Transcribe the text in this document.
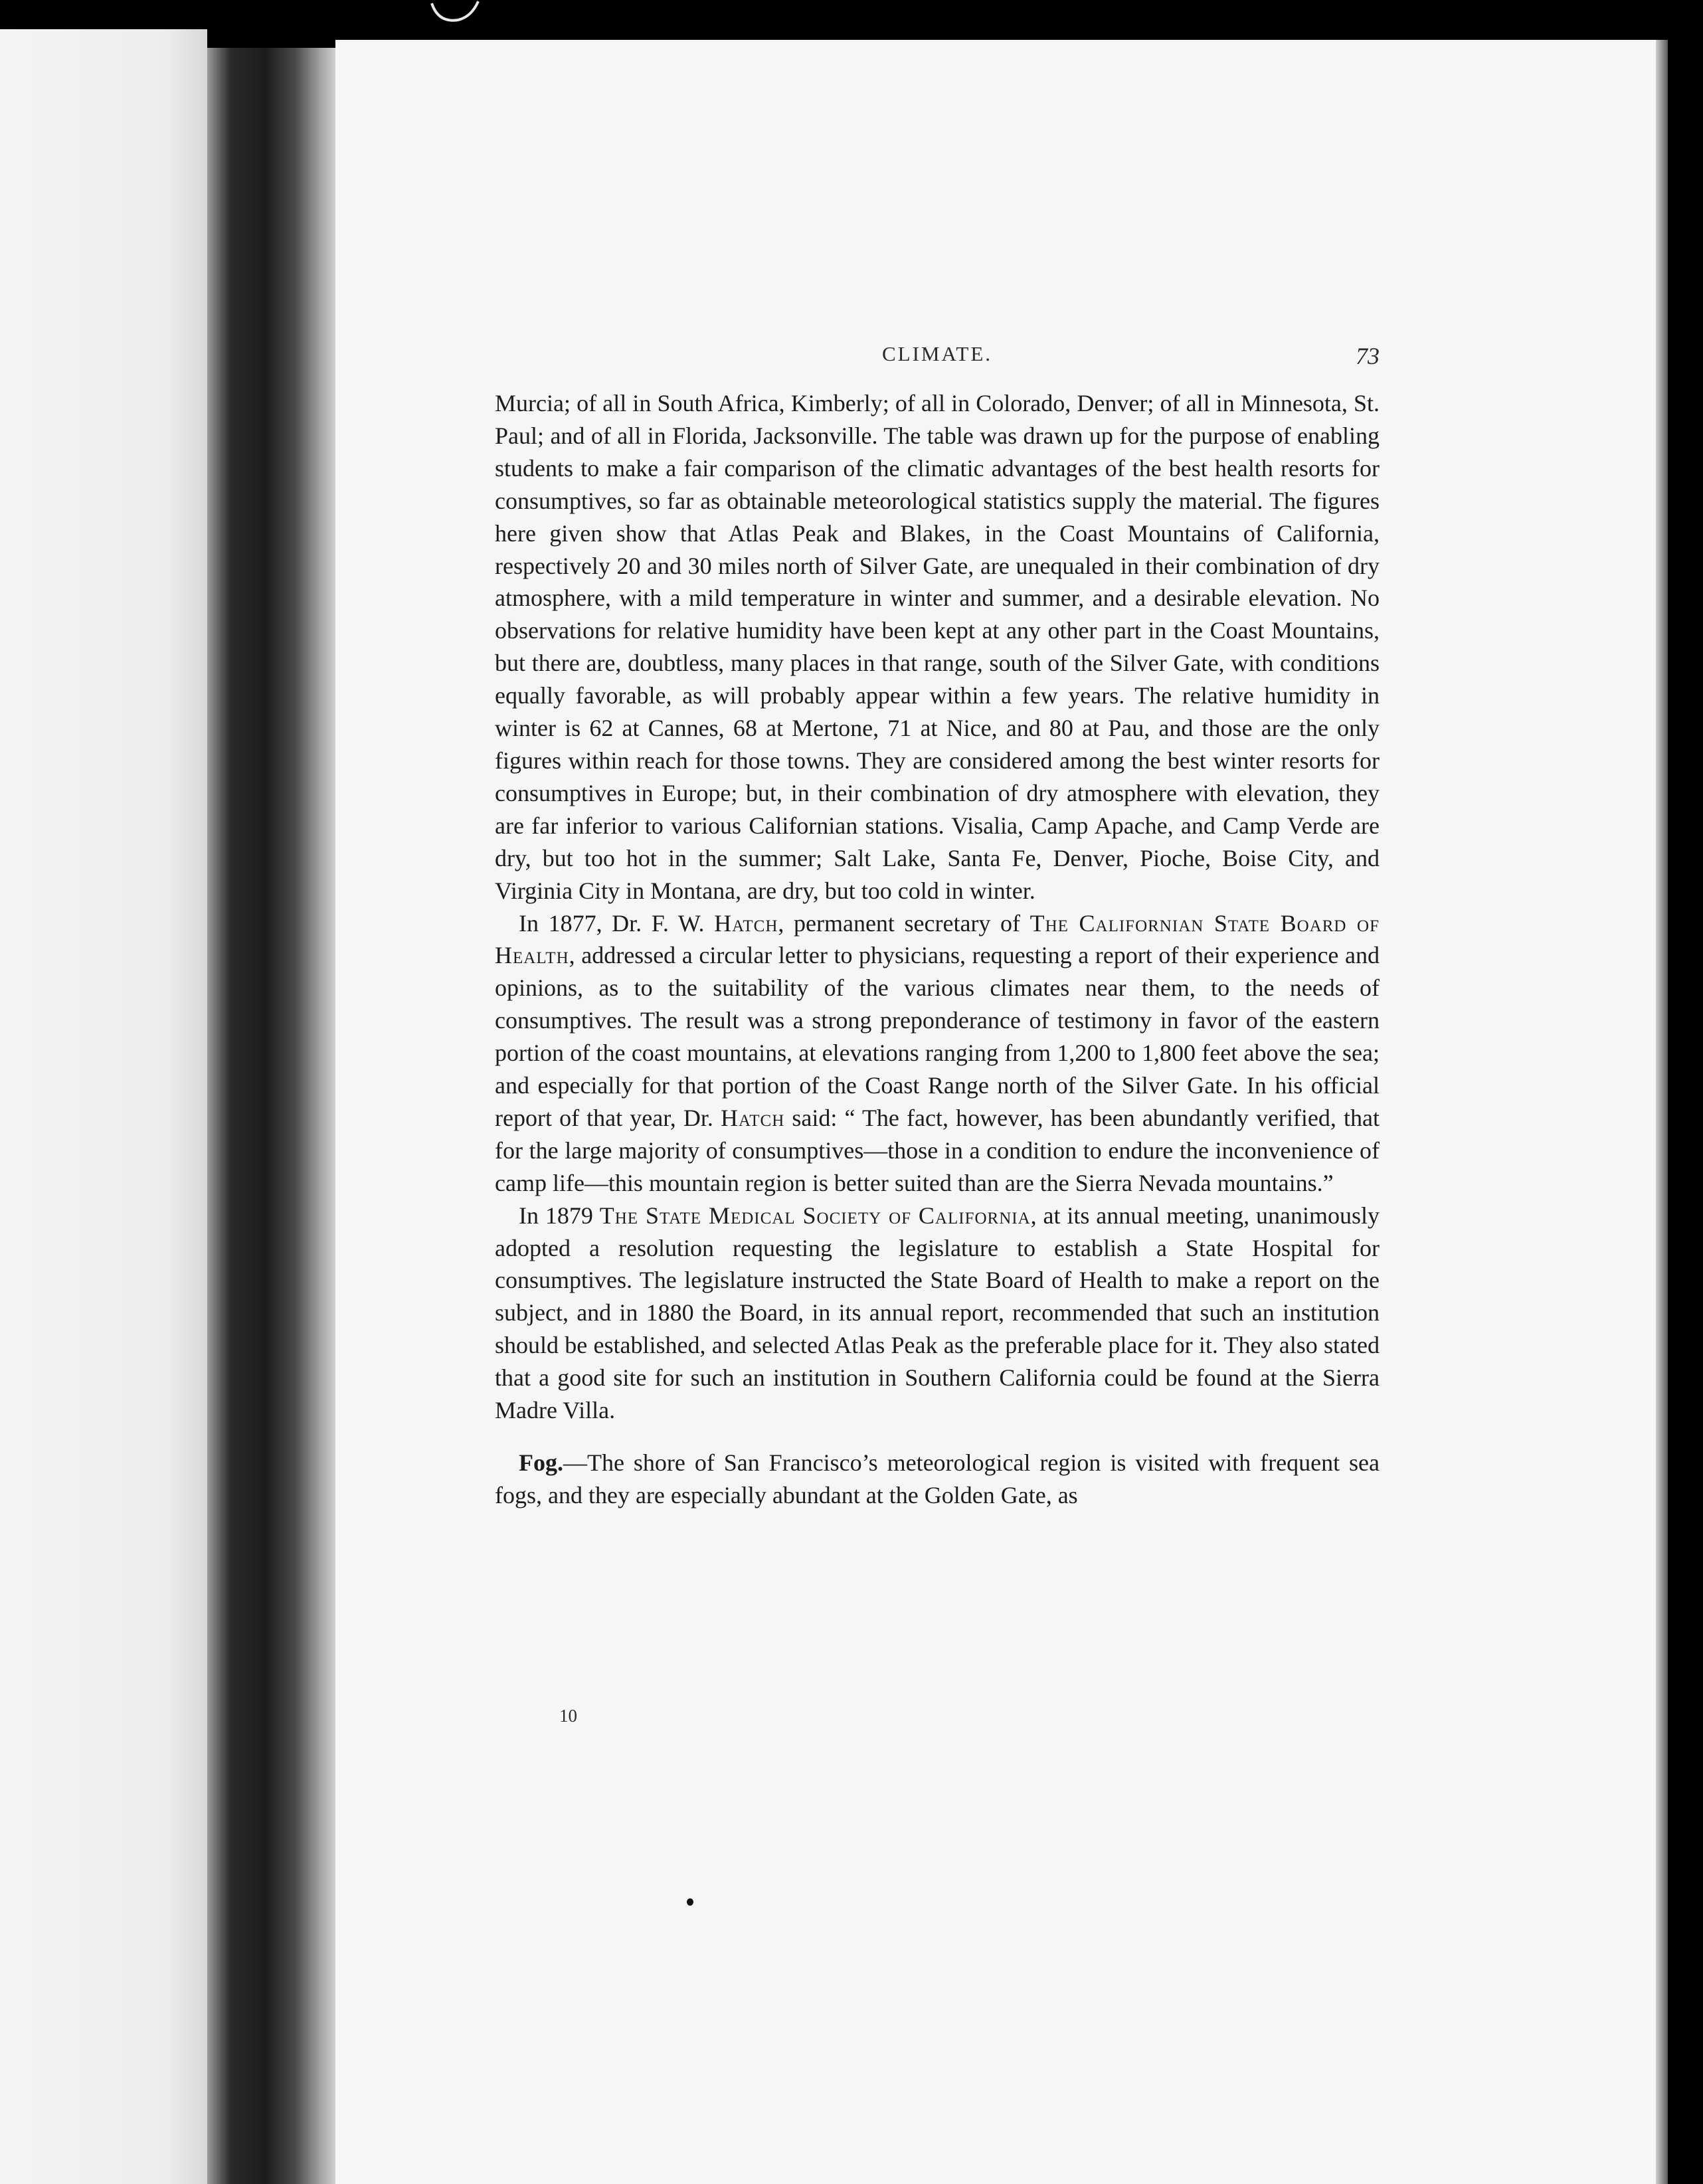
CLIMATE.	73

Murcia; of all in South Africa, Kimberly; of all in Colorado, Denver; of all in Minnesota, St. Paul; and of all in Florida, Jacksonville. The table was drawn up for the purpose of enabling students to make a fair comparison of the climatic advantages of the best health resorts for consumptives, so far as obtainable meteorological statistics supply the material. The figures here given show that Atlas Peak and Blakes, in the Coast Mountains of California, respectively 20 and 30 miles north of Silver Gate, are unequaled in their combination of dry atmosphere, with a mild temperature in winter and summer, and a desirable elevation. No observations for relative humidity have been kept at any other part in the Coast Mountains, but there are, doubtless, many places in that range, south of the Silver Gate, with conditions equally favorable, as will probably appear within a few years. The relative humidity in winter is 62 at Cannes, 68 at Mertone, 71 at Nice, and 80 at Pau, and those are the only figures within reach for those towns. They are considered among the best winter resorts for consumptives in Europe; but, in their combination of dry atmosphere with elevation, they are far inferior to various Californian stations. Visalia, Camp Apache, and Camp Verde are dry, but too hot in the summer; Salt Lake, Santa Fe, Denver, Pioche, Boise City, and Virginia City in Montana, are dry, but too cold in winter.

In 1877, Dr. F. W. Hatch, permanent secretary of The Californian State Board of Health, addressed a circular letter to physicians, requesting a report of their experience and opinions, as to the suitability of the various climates near them, to the needs of consumptives. The result was a strong preponderance of testimony in favor of the eastern portion of the coast mountains, at elevations ranging from 1,200 to 1,800 feet above the sea; and especially for that portion of the Coast Range north of the Silver Gate. In his official report of that year, Dr. Hatch said: “ The fact, however, has been abundantly verified, that for the large majority of consumptives—those in a condition to endure the inconvenience of camp life—this mountain region is better suited than are the Sierra Nevada mountains.”

In 1879 The State Medical Society of California, at its annual meeting, unanimously adopted a resolution requesting the legislature to establish a State Hospital for consumptives. The legislature instructed the State Board of Health to make a report on the subject, and in 1880 the Board, in its annual report, recommended that such an institution should be established, and selected Atlas Peak as the preferable place for it. They also stated that a good site for such an institution in Southern California could be found at the Sierra Madre Villa.

Fog.—The shore of San Francisco’s meteorological region is visited with frequent sea fogs, and they are especially abundant at the Golden Gate, as

10
